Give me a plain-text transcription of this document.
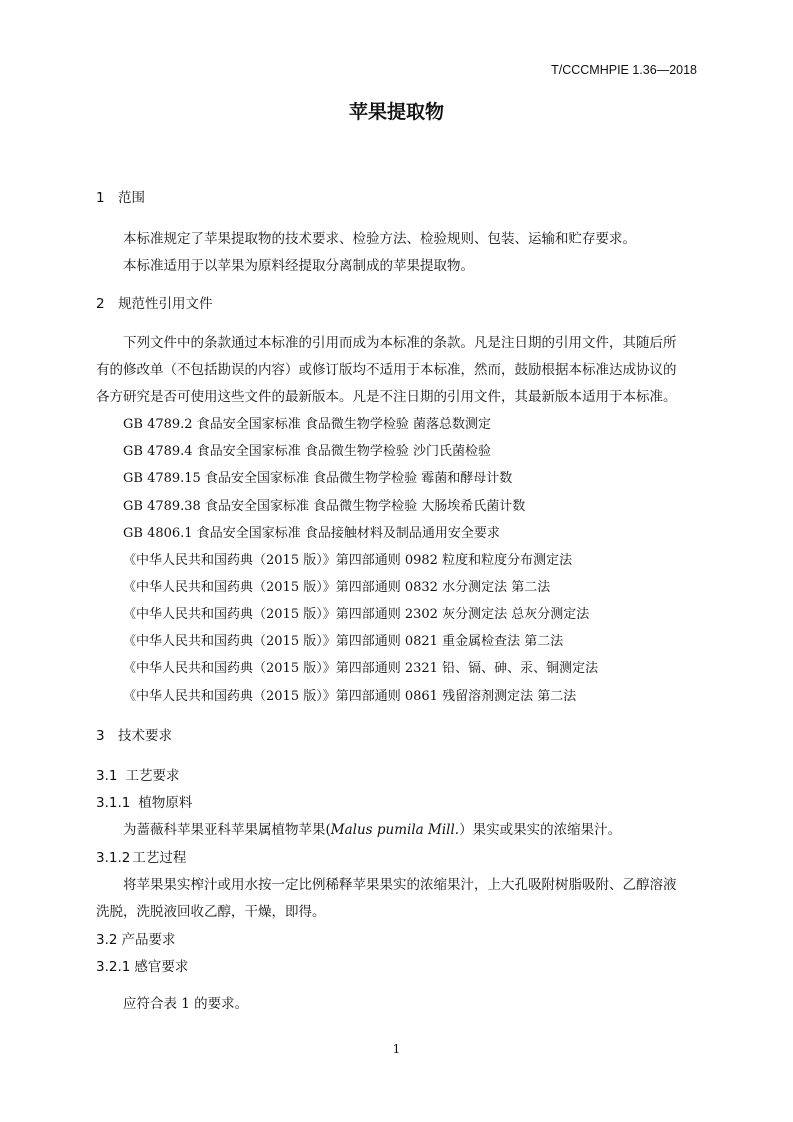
T/CCCMHPIE 1.36—2018
苹果提取物
1 范围
本标准规定了苹果提取物的技术要求、检验方法、检验规则、包装、运输和贮存要求。
本标准适用于以苹果为原料经提取分离制成的苹果提取物。
2 规范性引用文件
下列文件中的条款通过本标准的引用而成为本标准的条款。凡是注日期的引用文件，其随后所
有的修改单（不包括勘误的内容）或修订版均不适用于本标准，然而，鼓励根据本标准达成协议的
各方研究是否可使用这些文件的最新版本。凡是不注日期的引用文件，其最新版本适用于本标准。
GB 4789.2 食品安全国家标准 食品微生物学检验 菌落总数测定
GB 4789.4 食品安全国家标准 食品微生物学检验 沙门氏菌检验
GB 4789.15 食品安全国家标准 食品微生物学检验 霉菌和酵母计数
GB 4789.38 食品安全国家标准 食品微生物学检验 大肠埃希氏菌计数
GB 4806.1 食品安全国家标准 食品接触材料及制品通用安全要求
《中华人民共和国药典（2015 版）》第四部通则 0982 粒度和粒度分布测定法
《中华人民共和国药典（2015 版）》第四部通则 0832 水分测定法 第二法
《中华人民共和国药典（2015 版）》第四部通则 2302 灰分测定法 总灰分测定法
《中华人民共和国药典（2015 版）》第四部通则 0821 重金属检查法 第二法
《中华人民共和国药典（2015 版）》第四部通则 2321 铅、镉、砷、汞、铜测定法
《中华人民共和国药典（2015 版）》第四部通则 0861 残留溶剂测定法 第二法
3 技术要求
3.1 工艺要求
3.1.1 植物原料
为蔷薇科苹果亚科苹果属植物苹果(Malus pumila Mill.）果实或果实的浓缩果汁。
3.1.2 工艺过程
将苹果果实榨汁或用水按一定比例稀释苹果果实的浓缩果汁，上大孔吸附树脂吸附、乙醇溶液
洗脱，洗脱液回收乙醇，干燥，即得。
3.2 产品要求
3.2.1 感官要求
应符合表 1 的要求。
1
